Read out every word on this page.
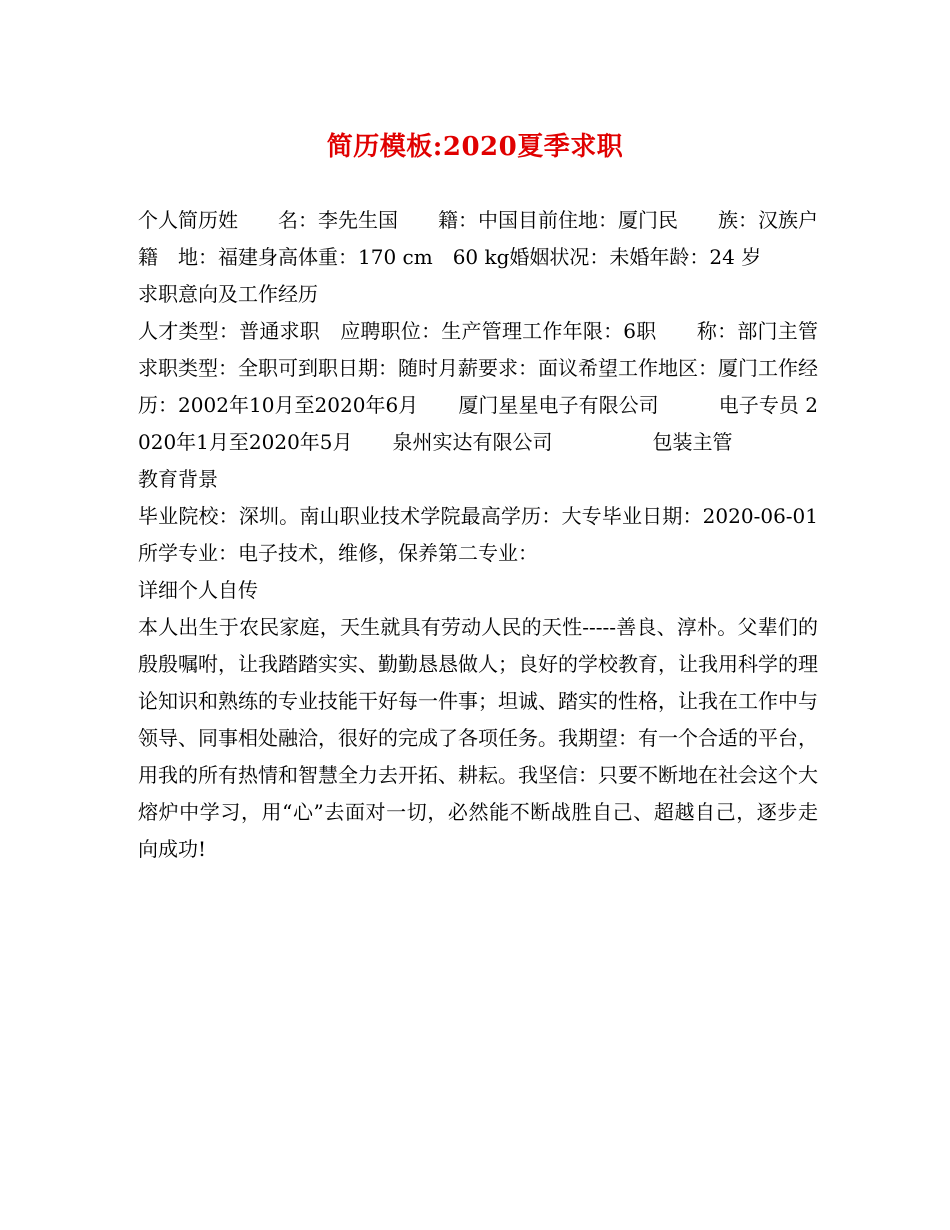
简历模板:2020夏季求职

个人简历姓　　名：李先生国　　籍：中国目前住地：厦门民　　族：汉族户　籍　地：福建身高体重：170 cm　60 kg婚姻状况：未婚年龄：24 岁

求职意向及工作经历

人才类型：普通求职　应聘职位：生产管理工作年限：6职　　称：部门主管求职类型：全职可到职日期：随时月薪要求：面议希望工作地区：厦门工作经历：2002年10月至2020年6月　　厦门星星电子有限公司　　　电子专员 2020年1月至2020年5月　　泉州实达有限公司　　　　　包装主管

教育背景

毕业院校：深圳。南山职业技术学院最高学历：大专毕业日期：2020-06-01所学专业：电子技术，维修，保养第二专业：

详细个人自传

本人出生于农民家庭，天生就具有劳动人民的天性-----善良、淳朴。父辈们的殷殷嘱咐，让我踏踏实实、勤勤恳恳做人；良好的学校教育，让我用科学的理论知识和熟练的专业技能干好每一件事；坦诚、踏实的性格，让我在工作中与领导、同事相处融洽，很好的完成了各项任务。我期望：有一个合适的平台，用我的所有热情和智慧全力去开拓、耕耘。我坚信：只要不断地在社会这个大熔炉中学习，用“心”去面对一切，必然能不断战胜自己、超越自己，逐步走向成功!
